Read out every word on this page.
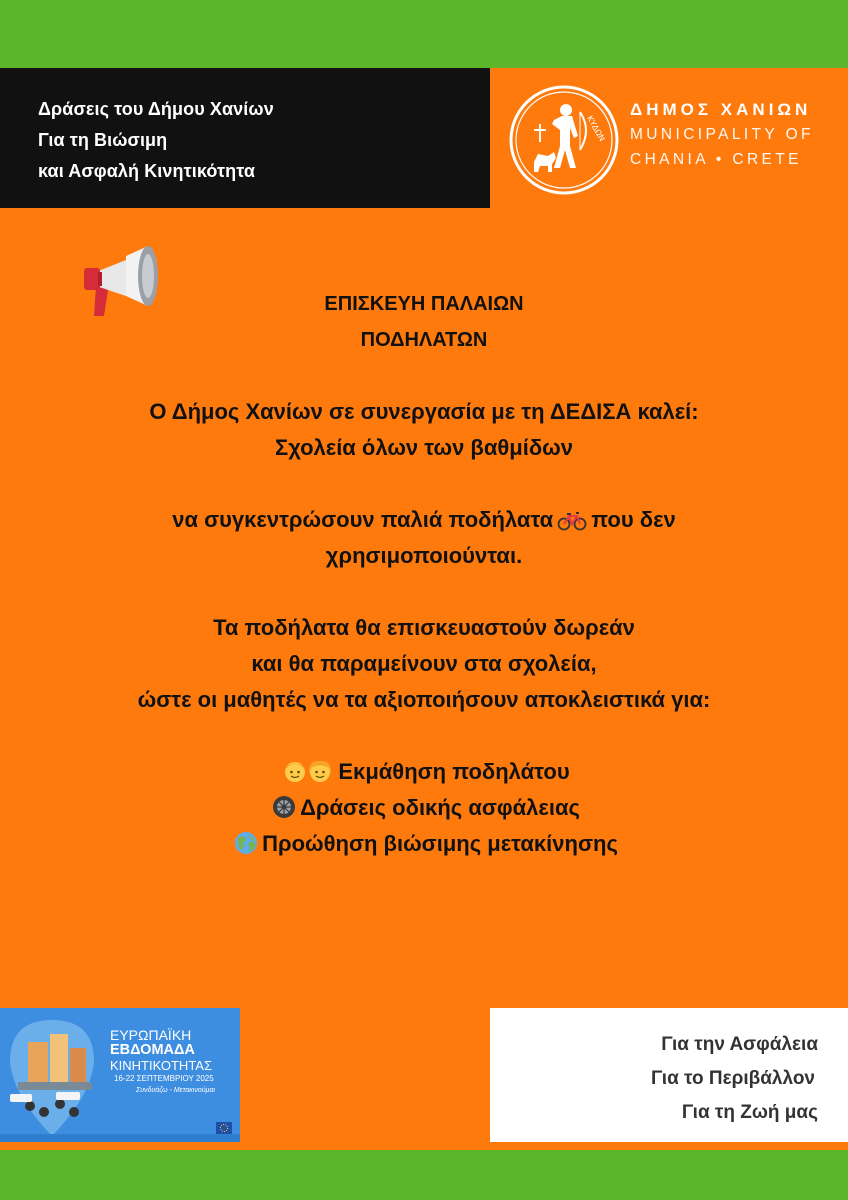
Δράσεις του Δήμου Χανίων
Για τη Βιώσιμη
και Ασφαλή Κινητικότητα
ΚΥΔΩΝ
ΔΗΜΟΣ ΧΑΝΙΩΝ
MUNICIPALITY OF
CHANIA • CRETE
ΕΠΙΣΚΕΥΗ ΠΑΛΑΙΩΝ
ΠΟΔΗΛΑΤΩΝ
Ο Δήμος Χανίων σε συνεργασία με τη ΔΕΔΙΣΑ καλεί:
Σχολεία όλων των βαθμίδων
να συγκεντρώσουν παλιά ποδήλατα που δεν
χρησιμοποιούνται.
Τα ποδήλατα θα επισκευαστούν δωρεάν
και θα παραμείνουν στα σχολεία,
ώστε οι μαθητές να τα αξιοποιήσουν αποκλειστικά για:
Εκμάθηση ποδηλάτου
Δράσεις οδικής ασφάλειας
Προώθηση βιώσιμης μετακίνησης
ΕΥΡΩΠΑΪΚΗ
ΕΒΔΟΜΑΔΑ
ΚΙΝΗΤΙΚΟΤΗΤΑΣ
16-22 ΣΕΠΤΕΜΒΡΙΟΥ 2025
Συνδυάζω - Μετακινούμαι
Για την Ασφάλεια
Για το Περιβάλλον
Για τη Ζωή μας
